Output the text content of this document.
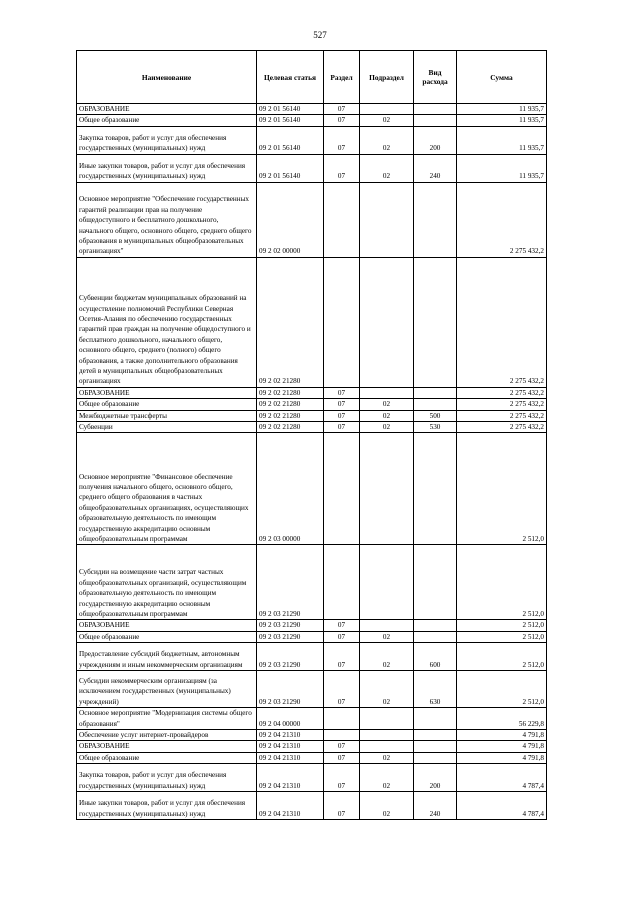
527
Наименование	Целевая статья	Раздел	Подраздел	Вид расхода	Сумма
ОБРАЗОВАНИЕ	09 2 01 56140	07			11 935,7
Общее образование	09 2 01 56140	07	02		11 935,7
Закупка товаров, работ и услуг для обеспечения государственных (муниципальных) нужд	09 2 01 56140	07	02	200	11 935,7
Иные закупки товаров, работ и услуг для обеспечения государственных (муниципальных) нужд	09 2 01 56140	07	02	240	11 935,7
Основное мероприятие "Обеспечение государственных гарантий реализации прав на получение общедоступного и бесплатного дошкольного, начального общего, основного общего, среднего общего образования в муниципальных общеобразовательных организациях"	09 2 02 00000				2 275 432,2
Субвенции бюджетам муниципальных образований на осуществление полномочий Республики Северная Осетия-Алания по обеспечению государственных гарантий прав граждан на получение общедоступного и бесплатного дошкольного, начального общего, основного общего, среднего (полного) общего образования, а также дополнительного образования детей в муниципальных общеобразовательных организациях	09 2 02 21280				2 275 432,2
ОБРАЗОВАНИЕ	09 2 02 21280	07			2 275 432,2
Общее образование	09 2 02 21280	07	02		2 275 432,2
Межбюджетные трансферты	09 2 02 21280	07	02	500	2 275 432,2
Субвенции	09 2 02 21280	07	02	530	2 275 432,2
Основное мероприятие "Финансовое обеспечение получения начального общего, основного общего, среднего общего образования в частных общеобразовательных организациях, осуществляющих образовательную деятельность по имеющим государственную аккредитацию основным общеобразовательным программам	09 2 03 00000				2 512,0
Субсидии на возмещение части затрат частных общеобразовательных организаций, осуществляющим образовательную деятельность по имеющим государственную аккредитацию основным общеобразовательным программам	09 2 03 21290				2 512,0
ОБРАЗОВАНИЕ	09 2 03 21290	07			2 512,0
Общее образование	09 2 03 21290	07	02		2 512,0
Предоставление субсидий бюджетным, автономным учреждениям и иным некоммерческим организациям	09 2 03 21290	07	02	600	2 512,0
Субсидии некоммерческим организациям (за исключением государственных (муниципальных) учреждений)	09 2 03 21290	07	02	630	2 512,0
Основное мероприятие "Модернизация системы общего образования"	09 2 04 00000				56 229,8
Обеспечение услуг интернет-провайдеров	09 2 04 21310				4 791,8
ОБРАЗОВАНИЕ	09 2 04 21310	07			4 791,8
Общее образование	09 2 04 21310	07	02		4 791,8
Закупка товаров, работ и услуг для обеспечения государственных (муниципальных) нужд	09 2 04 21310	07	02	200	4 787,4
Иные закупки товаров, работ и услуг для обеспечения государственных (муниципальных) нужд	09 2 04 21310	07	02	240	4 787,4
